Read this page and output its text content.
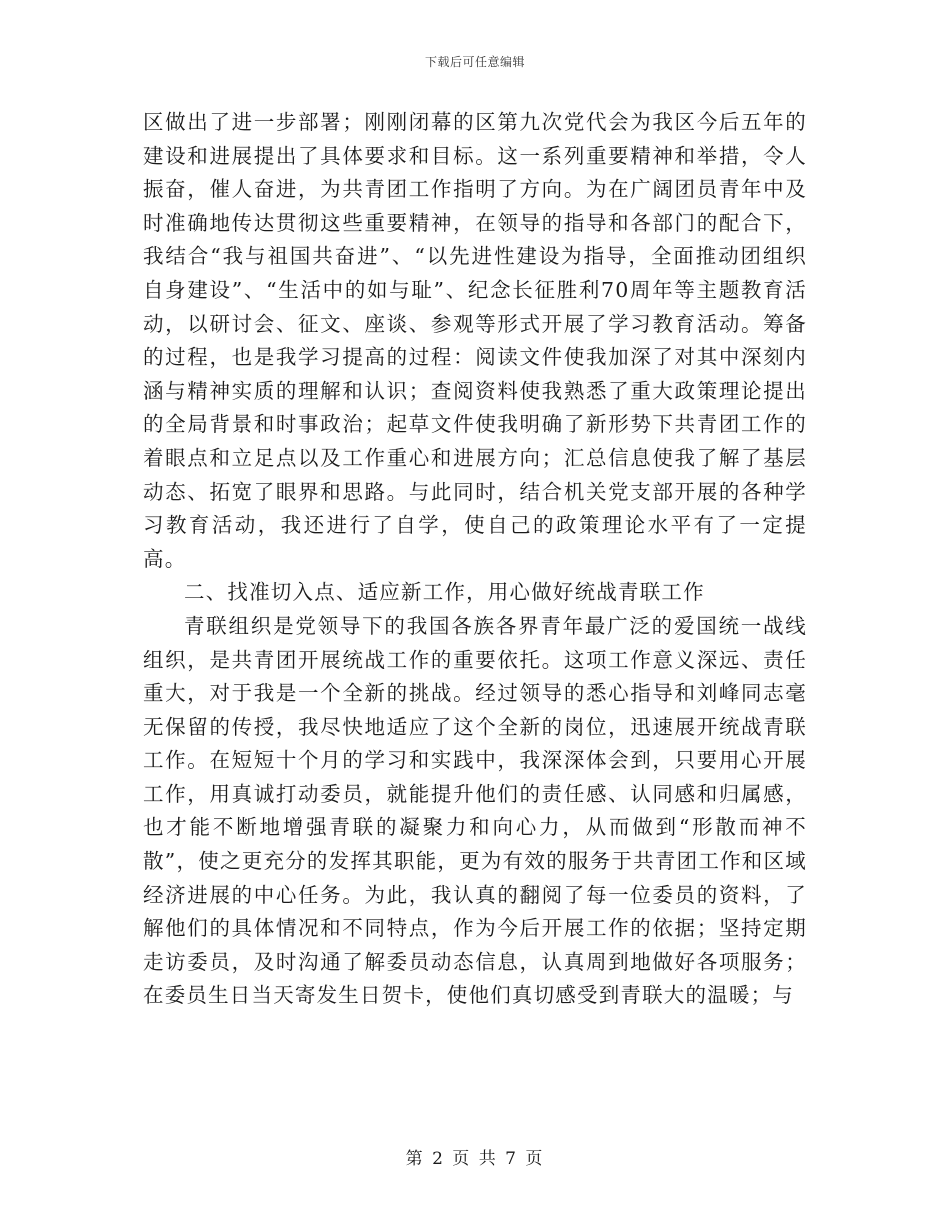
下载后可任意编辑

区做出了进一步部署；刚刚闭幕的区第九次党代会为我区今后五年的建设和进展提出了具体要求和目标。这一系列重要精神和举措，令人振奋，催人奋进，为共青团工作指明了方向。为在广阔团员青年中及时准确地传达贯彻这些重要精神，在领导的指导和各部门的配合下，我结合“我与祖国共奋进”、“以先进性建设为指导，全面推动团组织自身建设”、“生活中的如与耻”、纪念长征胜利70周年等主题教育活动，以研讨会、征文、座谈、参观等形式开展了学习教育活动。筹备的过程，也是我学习提高的过程：阅读文件使我加深了对其中深刻内涵与精神实质的理解和认识；查阅资料使我熟悉了重大政策理论提出的全局背景和时事政治；起草文件使我明确了新形势下共青团工作的着眼点和立足点以及工作重心和进展方向；汇总信息使我了解了基层动态、拓宽了眼界和思路。与此同时，结合机关党支部开展的各种学习教育活动，我还进行了自学，使自己的政策理论水平有了一定提高。

二、找准切入点、适应新工作，用心做好统战青联工作

青联组织是党领导下的我国各族各界青年最广泛的爱国统一战线组织，是共青团开展统战工作的重要依托。这项工作意义深远、责任重大，对于我是一个全新的挑战。经过领导的悉心指导和刘峰同志毫无保留的传授，我尽快地适应了这个全新的岗位，迅速展开统战青联工作。在短短十个月的学习和实践中，我深深体会到，只要用心开展工作，用真诚打动委员，就能提升他们的责任感、认同感和归属感，也才能不断地增强青联的凝聚力和向心力，从而做到“形散而神不散”，使之更充分的发挥其职能，更为有效的服务于共青团工作和区域经济进展的中心任务。为此，我认真的翻阅了每一位委员的资料，了解他们的具体情况和不同特点，作为今后开展工作的依据；坚持定期走访委员，及时沟通了解委员动态信息，认真周到地做好各项服务；在委员生日当天寄发生日贺卡，使他们真切感受到青联大的温暖；与

第 2 页 共 7 页
